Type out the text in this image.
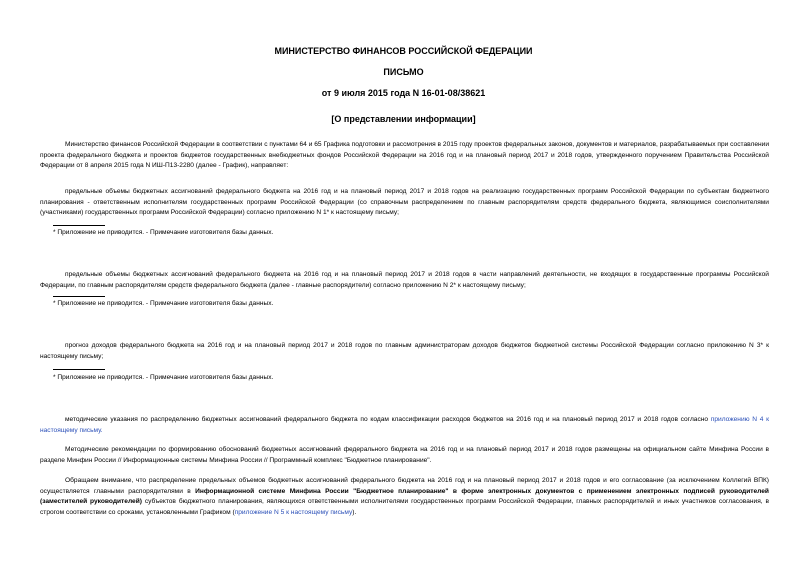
МИНИСТЕРСТВО ФИНАНСОВ РОССИЙСКОЙ ФЕДЕРАЦИИ
ПИСЬМО
от 9 июля 2015 года N 16-01-08/38621
[О представлении информации]
Министерство финансов Российской Федерации в соответствии с пунктами 64 и 65 Графика подготовки и рассмотрения в 2015 году проектов федеральных законов, документов и материалов, разрабатываемых при составлении проекта федерального бюджета и проектов бюджетов государственных внебюджетных фондов Российской Федерации на 2016 год и на плановый период 2017 и 2018 годов, утвержденного поручением Правительства Российской Федерации от 8 апреля 2015 года N ИШ-П13-2280 (далее - График), направляет:
предельные объемы бюджетных ассигнований федерального бюджета на 2016 год и на плановый период 2017 и 2018 годов на реализацию государственных программ Российской Федерации по субъектам бюджетного планирования - ответственным исполнителям государственных программ Российской Федерации (со справочным распределением по главным распорядителям средств федерального бюджета, являющимся соисполнителями (участниками) государственных программ Российской Федерации) согласно приложению N 1* к настоящему письму;
* Приложение не приводится. - Примечание изготовителя базы данных.
предельные объемы бюджетных ассигнований федерального бюджета на 2016 год и на плановый период 2017 и 2018 годов в части направлений деятельности, не входящих в государственные программы Российской Федерации, по главным распорядителям средств федерального бюджета (далее - главные распорядители) согласно приложению N 2* к настоящему письму;
* Приложение не приводится. - Примечание изготовителя базы данных.
прогноз доходов федерального бюджета на 2016 год и на плановый период 2017 и 2018 годов по главным администраторам доходов бюджетов бюджетной системы Российской Федерации согласно приложению N 3* к настоящему письму;
* Приложение не приводится. - Примечание изготовителя базы данных.
методические указания по распределению бюджетных ассигнований федерального бюджета по кодам классификации расходов бюджетов на 2016 год и на плановый период 2017 и 2018 годов согласно приложению N 4 к настоящему письму.
Методические рекомендации по формированию обоснований бюджетных ассигнований федерального бюджета на 2016 год и на плановый период 2017 и 2018 годов размещены на официальном сайте Минфина России в разделе Минфин России // Информационные системы Минфина России // Программный комплекс "Бюджетное планирование".
Обращаем внимание, что распределение предельных объемов бюджетных ассигнований федерального бюджета на 2016 год и на плановый период 2017 и 2018 годов и его согласование (за исключением Коллегий ВПК) осуществляется главными распорядителями в Информационной системе Минфина России "Бюджетное планирование" в форме электронных документов с применением электронных подписей руководителей (заместителей руководителей) субъектов бюджетного планирования, являющихся ответственными исполнителями государственных программ Российской Федерации, главных распорядителей и иных участников согласования, в строгом соответствии со сроками, установленными Графиком (приложение N 5 к настоящему письму).
